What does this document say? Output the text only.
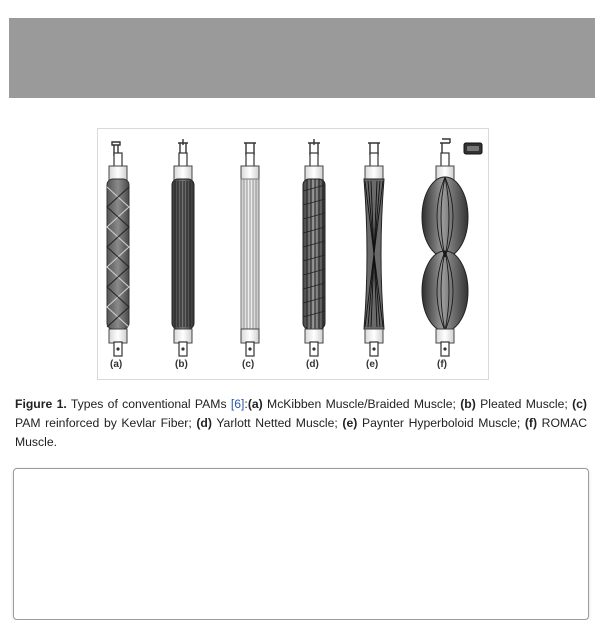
(a)	(b)	(c)	(d)	(e)	(f)
Figure 1. Types of conventional PAMs [6]:(a) McKibben Muscle/Braided Muscle; (b) Pleated Muscle; (c) PAM reinforced by Kevlar Fiber; (d) Yarlott Netted Muscle; (e) Paynter Hyperboloid Muscle; (f) ROMAC Muscle.
